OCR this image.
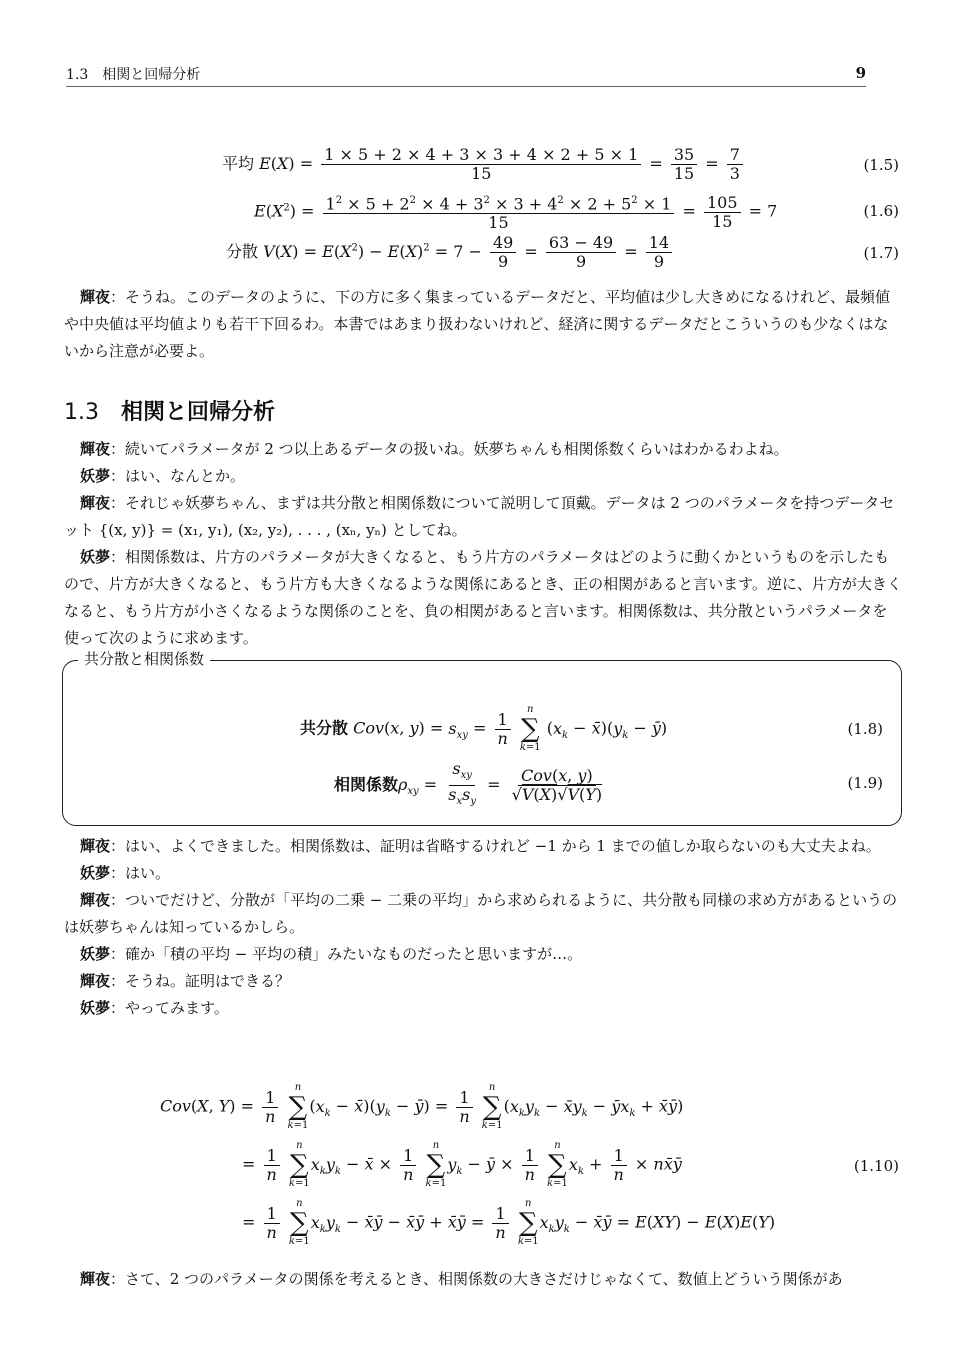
1.3　相関と回帰分析	9
平均 $E(X) = \frac{1 \times 5 + 2 \times 4 + 3 \times 3 + 4 \times 2 + 5 \times 1}{15} = \frac{35}{15} = \frac{7}{3}$	(1.5)
$E(X^2) = \frac{1^2 \times 5 + 2^2 \times 4 + 3^2 \times 3 + 4^2 \times 2 + 5^2 \times 1}{15} = \frac{105}{15} = 7$	(1.6)
分散 $V(X) = E(X^2) - E(X)^2 = 7 - \frac{49}{9} = \frac{63 - 49}{9} = \frac{14}{9}$	(1.7)
輝夜：そうね。このデータのように、下の方に多く集まっているデータだと、平均値は少し大きめになるけれど、最頻値や中央値は平均値よりも若干下回るわ。本書ではあまり扱わないけれど、経済に関するデータだとこういうのも少なくはないから注意が必要よ。
1.3 相関と回帰分析
輝夜：続いてパラメータが 2 つ以上あるデータの扱いね。妖夢ちゃんも相関係数くらいはわかるわよね。
妖夢：はい、なんとか。
輝夜：それじゃ妖夢ちゃん、まずは共分散と相関係数について説明して頂戴。データは 2 つのパラメータを持つデータセット {(x, y)} = (x₁, y₁), (x₂, y₂), . . . , (xₙ, yₙ) としてね。
妖夢：相関係数は、片方のパラメータが大きくなると、もう片方のパラメータはどのように動くかというものを示したもので、片方が大きくなると、もう片方も大きくなるような関係にあるとき、正の相関があると言います。逆に、片方が大きくなると、もう片方が小さくなるような関係のことを、負の相関があると言います。相関係数は、共分散というパラメータを使って次のように求めます。
共分散と相関係数
共分散 Cov(x, $y) = s_{xy} = \frac{1}{n}$

n
∑
k=1
($x_k$ − $x̄)(y_k$ − ȳ)	(1.8)
相関係数$\rho_{xy} = \frac{s_{xy}}{s_xs_y} = \frac{\text{Cov(x, y)}}{√V(X)√V(Y)}$	(1.9)
輝夜：はい、よくできました。相関係数は、証明は省略するけれど −1 から 1 までの値しか取らないのも大丈夫よね。
妖夢：はい。
輝夜：ついでだけど、分散が「平均の二乗 − 二乗の平均」から求められるように、共分散も同様の求め方があるというのは妖夢ちゃんは知っているかしら。
妖夢：確か「積の平均 − 平均の積」みたいなものだったと思いますが…。
輝夜：そうね。証明はできる？
妖夢：やってみます。
Cov(X, $Y) = \frac{1}{n}$

n
∑
k=1
($x_k$ − $x̄)(y_k$ − ȳ) = $\frac{1}{n}$

n
∑
k=1
($x_ky_k$ − $x̄y_k$ − $ȳx_k$ + x̄ȳ)
= $\frac{1}{n}$

n
∑
k=1
$x_ky_k$ − x̄ × $\frac{1}{n}$

n
∑
k=1
$y_k$ − ȳ × $\frac{1}{n}$

n
∑
k=1
$x_k + \frac{1}{n}$ × nx̄ȳ
= $\frac{1}{n}$

n
∑
k=1
$x_ky_k$ − x̄ȳ − x̄ȳ + x̄ȳ = $\frac{1}{n}$

n
∑
k=1
$x_ky_k$ − x̄ȳ = E(XY) − E(X)E(Y)
(1.10)
輝夜：さて、2 つのパラメータの関係を考えるとき、相関係数の大きさだけじゃなくて、数値上どういう関係があ
